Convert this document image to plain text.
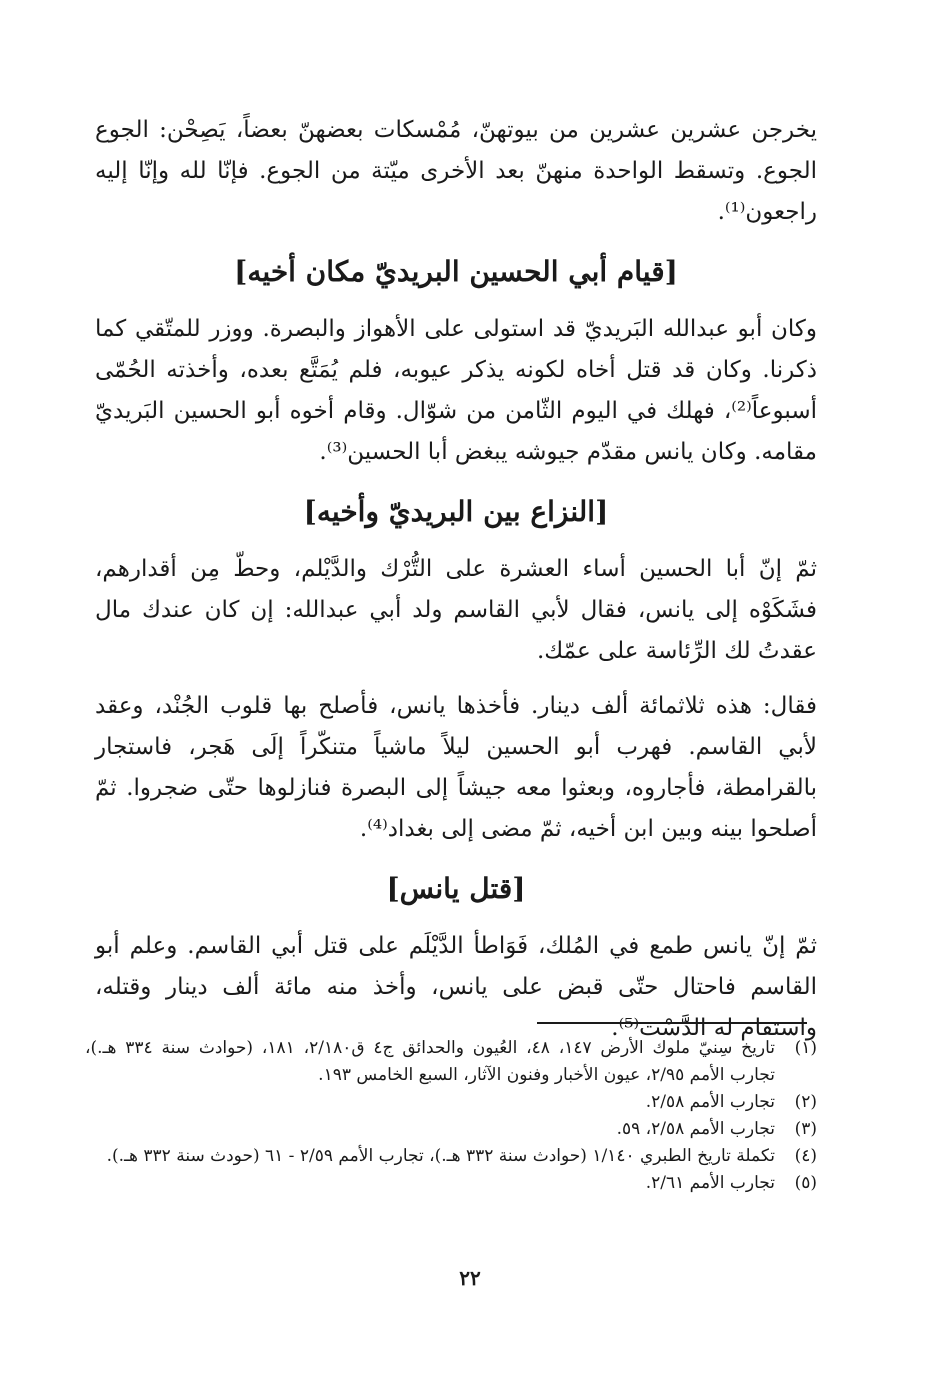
يخرجن عشرين عشرين من بيوتهنّ، مُمْسكات بعضهنّ بعضاً، يَصِحْن: الجوع الجوع. وتسقط الواحدة منهنّ بعد الأخرى ميّتة من الجوع. فإنّا لله وإنّا إليه راجعون⁽¹⁾.

[قيام أبي الحسين البريديّ مكان أخيه]

وكان أبو عبدالله البَريديّ قد استولى على الأهواز والبصرة. ووزر للمتّقي كما ذكرنا. وكان قد قتل أخاه لكونه يذكر عيوبه، فلم يُمَتَّع بعده، وأخذته الحُمّى أسبوعاً⁽²⁾، فهلك في اليوم الثّامن من شوّال. وقام أخوه أبو الحسين البَريديّ مقامه. وكان يانس مقدّم جيوشه يبغض أبا الحسين⁽³⁾.

[النزاع بين البريديّ وأخيه]

ثمّ إنّ أبا الحسين أساء العشرة على التُّرْك والدَّيْلم، وحطّ مِن أقدارهم، فشَكَوْه إلى يانس، فقال لأبي القاسم ولد أبي عبدالله: إن كان عندك مال عقدتُ لك الرِّئاسة على عمّك.

فقال: هذه ثلاثمائة ألف دينار. فأخذها يانس، فأصلح بها قلوب الجُنْد، وعقد لأبي القاسم. فهرب أبو الحسين ليلاً ماشياً متنكّراً إلَى هَجر، فاستجار بالقرامطة، فأجاروه، وبعثوا معه جيشاً إلى البصرة فنازلوها حتّى ضجروا. ثمّ أصلحوا بينه وبين ابن أخيه، ثمّ مضى إلى بغداد⁽⁴⁾.

[قتل يانس]

ثمّ إنّ يانس طمع في المُلك، فَوَاطأ الدَّيْلَم على قتل أبي القاسم. وعلم أبو القاسم فاحتال حتّى قبض على يانس، وأخذ منه مائة ألف دينار وقتله، واستقام له الدَّسْت⁽⁵⁾.

(١)
تاريخ سِنيّ ملوك الأرض ١٤٧، ٤٨، العُيون والحدائق ج٤ ق٢/١٨٠، ١٨١، (حوادث سنة ٣٣٤ هـ.)، تجارب الأمم ٢/٩٥، عيون الأخبار وفنون الآثار، السبع الخامس ١٩٣.
(٢)
تجارب الأمم ٢/٥٨.
(٣)
تجارب الأمم ٢/٥٨، ٥٩.
(٤)
تكملة تاريخ الطبري ١/١٤٠ (حوادث سنة ٣٣٢ هـ.)، تجارب الأمم ٢/٥٩ - ٦١ (حودث سنة ٣٣٢ هـ.).
(٥)
تجارب الأمم ٢/٦١.
٢٢
